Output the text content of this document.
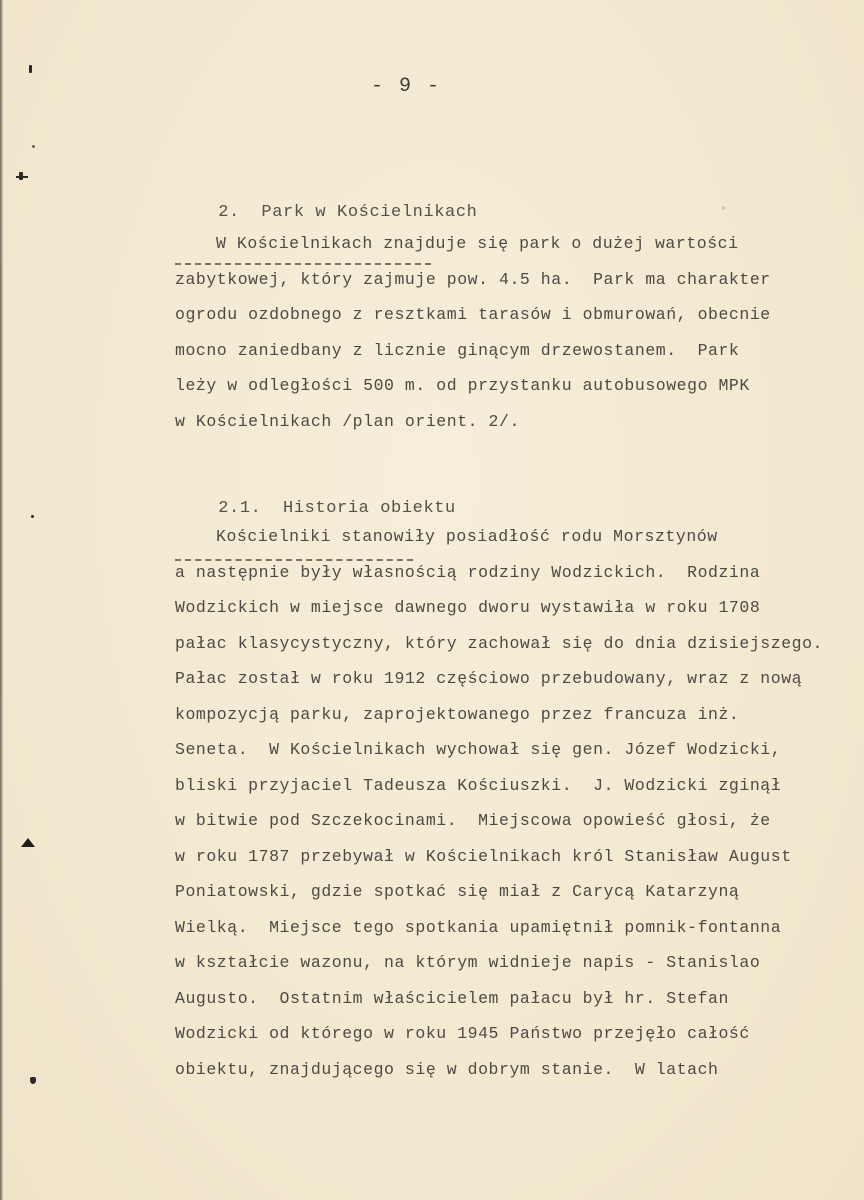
- 9 -

2.  Park w Kościelnikach

W Kościelnikach znajduje się park o dużej wartości
zabytkowej, który zajmuje pow. 4.5 ha.  Park ma charakter
ogrodu ozdobnego z resztkami tarasów i obmurowań, obecnie
mocno zaniedbany z licznie ginącym drzewostanem.  Park
leży w odległości 500 m. od przystanku autobusowego MPK
w Kościelnikach /plan orient. 2/.

2.1.  Historia obiektu

Kościelniki stanowiły posiadłość rodu Morsztynów
a następnie były własnością rodziny Wodzickich.  Rodzina
Wodzickich w miejsce dawnego dworu wystawiła w roku 1708
pałac klasycystyczny, który zachował się do dnia dzisiejszego.
Pałac został w roku 1912 częściowo przebudowany, wraz z nową
kompozycją parku, zaprojektowanego przez francuza inż.
Seneta.  W Kościelnikach wychował się gen. Józef Wodzicki,
bliski przyjaciel Tadeusza Kościuszki.  J. Wodzicki zginął
w bitwie pod Szczekocinami.  Miejscowa opowieść głosi, że
w roku 1787 przebywał w Kościelnikach król Stanisław August
Poniatowski, gdzie spotkać się miał z Carycą Katarzyną
Wielką.  Miejsce tego spotkania upamiętnił pomnik-fontanna
w kształcie wazonu, na którym widnieje napis - Stanislao
Augusto.  Ostatnim właścicielem pałacu był hr. Stefan
Wodzicki od którego w roku 1945 Państwo przejęło całość
obiektu, znajdującego się w dobrym stanie.  W latach
